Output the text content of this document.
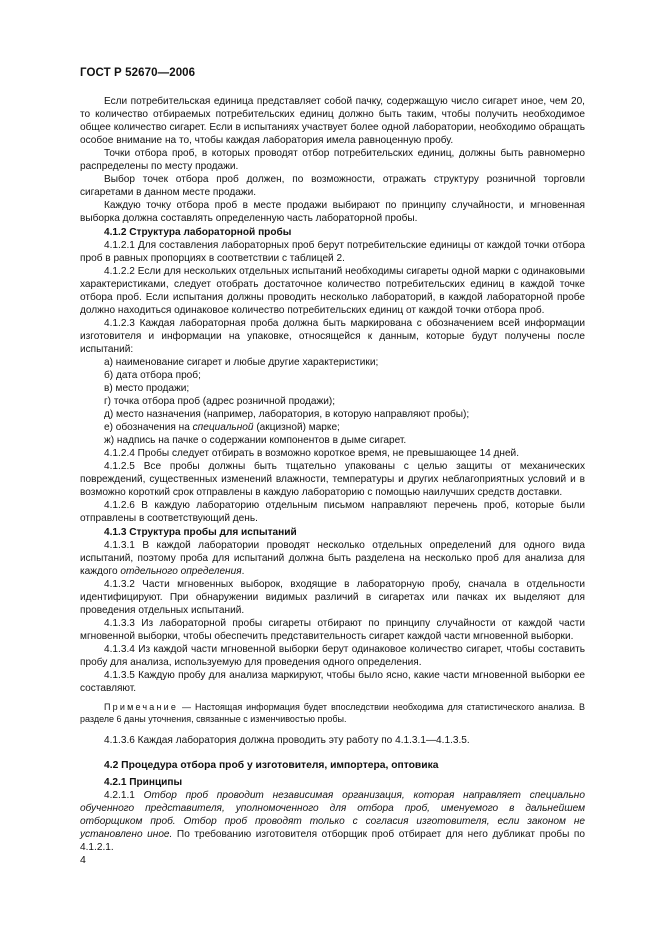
ГОСТ Р 52670—2006

Если потребительская единица представляет собой пачку, содержащую число сигарет иное, чем 20, то количество отбираемых потребительских единиц должно быть таким, чтобы получить необходимое общее количество сигарет. Если в испытаниях участвует более одной лаборатории, необходимо обращать особое внимание на то, чтобы каждая лаборатория имела равноценную пробу.

Точки отбора проб, в которых проводят отбор потребительских единиц, должны быть равномерно распределены по месту продажи.

Выбор точек отбора проб должен, по возможности, отражать структуру розничной торговли сигаретами в данном месте продажи.

Каждую точку отбора проб в месте продажи выбирают по принципу случайности, и мгновенная выборка должна составлять определенную часть лабораторной пробы.

4.1.2 Структура лабораторной пробы

4.1.2.1 Для составления лабораторных проб берут потребительские единицы от каждой точки отбора проб в равных пропорциях в соответствии с таблицей 2.

4.1.2.2 Если для нескольких отдельных испытаний необходимы сигареты одной марки с одинаковыми характеристиками, следует отобрать достаточное количество потребительских единиц в каждой точке отбора проб. Если испытания должны проводить несколько лабораторий, в каждой лабораторной пробе должно находиться одинаковое количество потребительских единиц от каждой точки отбора проб.

4.1.2.3 Каждая лабораторная проба должна быть маркирована с обозначением всей информации изготовителя и информации на упаковке, относящейся к данным, которые будут получены после испытаний:

а) наименование сигарет и любые другие характеристики;

б) дата отбора проб;

в) место продажи;

г) точка отбора проб (адрес розничной продажи);

д) место назначения (например, лаборатория, в которую направляют пробы);

е) обозначения на специальной (акцизной) марке;

ж) надпись на пачке о содержании компонентов в дыме сигарет.

4.1.2.4 Пробы следует отбирать в возможно короткое время, не превышающее 14 дней.

4.1.2.5 Все пробы должны быть тщательно упакованы с целью защиты от механических повреждений, существенных изменений влажности, температуры и других неблагоприятных условий и в возможно короткий срок отправлены в каждую лабораторию с помощью наилучших средств доставки.

4.1.2.6 В каждую лабораторию отдельным письмом направляют перечень проб, которые были отправлены в соответствующий день.

4.1.3 Структура пробы для испытаний

4.1.3.1 В каждой лаборатории проводят несколько отдельных определений для одного вида испытаний, поэтому проба для испытаний должна быть разделена на несколько проб для анализа для каждого отдельного определения.

4.1.3.2 Части мгновенных выборок, входящие в лабораторную пробу, сначала в отдельности идентифицируют. При обнаружении видимых различий в сигаретах или пачках их выделяют для проведения отдельных испытаний.

4.1.3.3 Из лабораторной пробы сигареты отбирают по принципу случайности от каждой части мгновенной выборки, чтобы обеспечить представительность сигарет каждой части мгновенной выборки.

4.1.3.4 Из каждой части мгновенной выборки берут одинаковое количество сигарет, чтобы составить пробу для анализа, используемую для проведения одного определения.

4.1.3.5 Каждую пробу для анализа маркируют, чтобы было ясно, какие части мгновенной выборки ее составляют.

Примечание — Настоящая информация будет впоследствии необходима для статистического анализа. В разделе 6 даны уточнения, связанные с изменчивостью пробы.

4.1.3.6 Каждая лаборатория должна проводить эту работу по 4.1.3.1—4.1.3.5.

4.2 Процедура отбора проб у изготовителя, импортера, оптовика

4.2.1 Принципы

4.2.1.1 Отбор проб проводит независимая организация, которая направляет специально обученного представителя, уполномоченного для отбора проб, именуемого в дальнейшем отборщиком проб. Отбор проб проводят только с согласия изготовителя, если законом не установлено иное. По требованию изготовителя отборщик проб отбирает для него дубликат пробы по 4.1.2.1.

4
